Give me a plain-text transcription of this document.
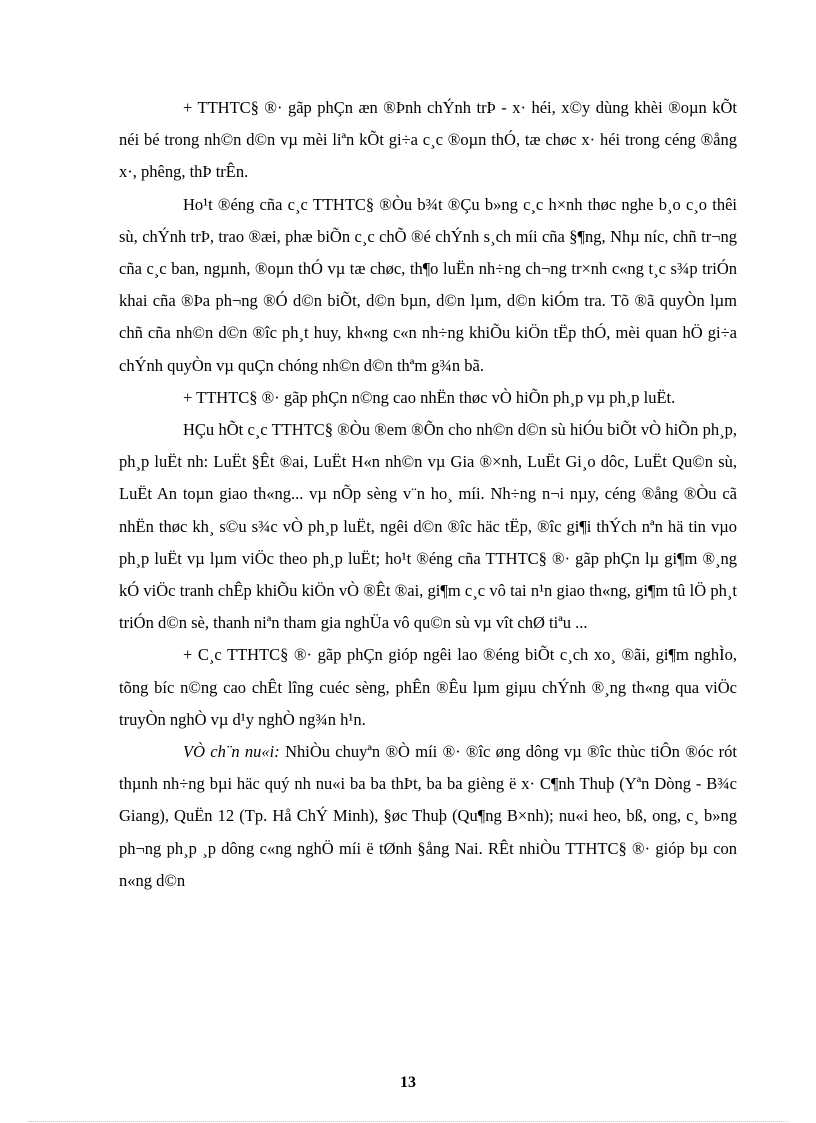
+ TTHTC§ ®· gãp phÇn æn ®Þnh chÝnh trÞ - x· héi, x©y dùng khèi ®oµn kÕt néi bé trong nh©n d©n vµ mèi liªn kÕt gi÷a c¸c ®oµn thÓ, tæ chøc x· héi trong céng ®ång x·, phêng, thÞ trÊn.

Ho¹t ®éng cña c¸c TTHTC§ ®Òu b¾t ®Çu b»ng c¸c h×nh thøc nghe b¸o c¸o thêi sù, chÝnh trÞ, trao ®æi, phæ biÕn c¸c chÕ ®é chÝnh s¸ch míi cña §¶ng, Nhµ níc, chñ tr¬ng cña c¸c ban, ngµnh, ®oµn thÓ vµ tæ chøc, th¶o luËn nh÷ng ch¬ng tr×nh c«ng t¸c s¾p triÓn khai cña ®Þa ph¬ng ®Ó d©n biÕt, d©n bµn, d©n lµm, d©n kiÓm tra. Tõ ®ã quyÒn lµm chñ cña nh©n d©n ®îc ph¸t huy, kh«ng c«n nh÷ng khiÕu kiÖn tËp thÓ, mèi quan hÖ gi÷a chÝnh quyÒn vµ quÇn chóng nh©n d©n thªm g¾n bã.

+ TTHTC§ ®· gãp phÇn n©ng cao nhËn thøc vÒ hiÕn ph¸p vµ ph¸p luËt.

HÇu hÕt c¸c TTHTC§ ®Òu ®em ®Õn cho nh©n d©n sù hiÓu biÕt vÒ hiÕn ph¸p, ph¸p luËt nh: LuËt §Êt ®ai, LuËt H«n nh©n vµ Gia ®×nh, LuËt Gi¸o dôc, LuËt Qu©n sù, LuËt An toµn giao th«ng... vµ nÕp sèng v¨n ho¸ míi. Nh÷ng n¬i nµy, céng ®ång ®Òu cã nhËn thøc kh¸ s©u s¾c vÒ ph¸p luËt, ngêi d©n ®îc häc tËp, ®îc gi¶i thÝch nªn hä tin vµo ph¸p luËt vµ lµm viÖc theo ph¸p luËt; ho¹t ®éng cña TTHTC§ ®· gãp phÇn lµ gi¶m ®¸ng kÓ viÖc tranh chÊp khiÕu kiÖn vÒ ®Êt ®ai, gi¶m c¸c vô tai n¹n giao th«ng, gi¶m tû lÖ ph¸t triÓn d©n sè, thanh niªn tham gia nghÜa vô qu©n sù vµ vît chØ tiªu ...

+ C¸c TTHTC§ ®· gãp phÇn gióp ngêi lao ®éng biÕt c¸ch xo¸ ®ãi, gi¶m nghÌo, tõng bíc n©ng cao chÊt lîng cuéc sèng, phÊn ®Êu lµm giµu chÝnh ®¸ng th«ng qua viÖc truyÒn nghÒ vµ d¹y nghÒ ng¾n h¹n.

VÒ ch¨n nu«i: NhiÒu chuyªn ®Ò míi ®· ®îc øng dông vµ ®îc thùc tiÔn ®óc rót thµnh nh÷ng bµi häc quý nh nu«i ba ba thÞt, ba ba gièng ë x· C¶nh Thuþ (Yªn Dòng - B¾c Giang), QuËn 12 (Tp. Hå ChÝ Minh), §øc Thuþ (Qu¶ng B×nh); nu«i heo, bß, ong, c¸ b»ng ph¬ng ph¸p ¸p dông c«ng nghÖ míi ë tØnh §ång Nai. RÊt nhiÒu TTHTC§ ®· gióp bµ con n«ng d©n

13
